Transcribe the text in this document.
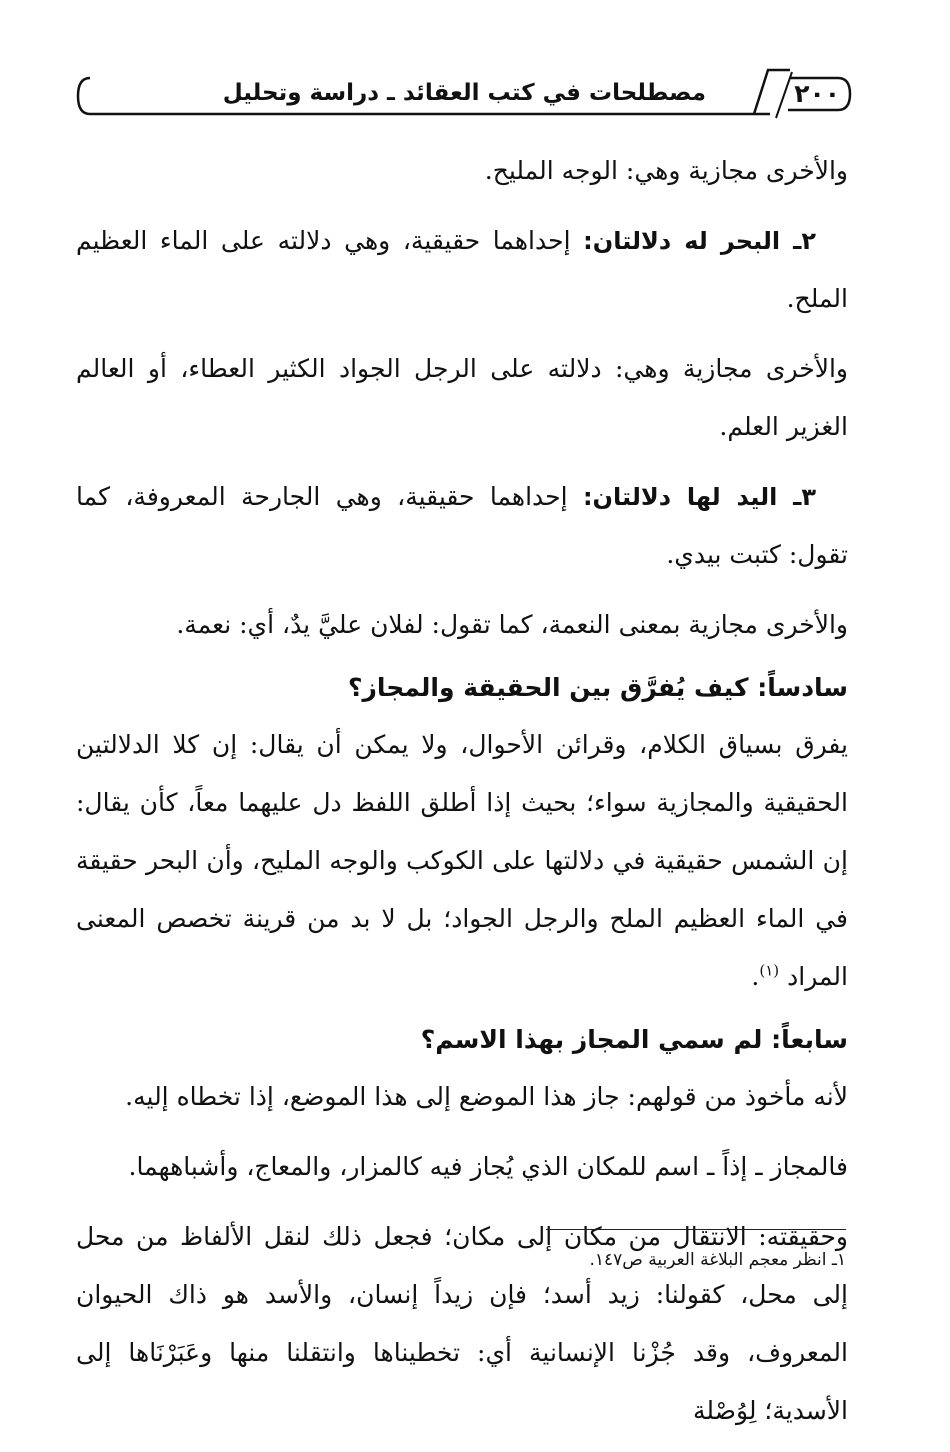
مصطلحات في كتب العقائد ـ دراسة وتحليل	٢٠٠

والأخرى مجازية وهي: الوجه المليح.

٢ـ البحر له دلالتان: إحداهما حقيقية، وهي دلالته على الماء العظيم الملح.

والأخرى مجازية وهي: دلالته على الرجل الجواد الكثير العطاء، أو العالم الغزير العلم.

٣ـ اليد لها دلالتان: إحداهما حقيقية، وهي الجارحة المعروفة، كما تقول: كتبت بيدي.

والأخرى مجازية بمعنى النعمة، كما تقول: لفلان عليَّ يدٌ، أي: نعمة.

سادساً: كيف يُفرَّق بين الحقيقة والمجاز؟

يفرق بسياق الكلام، وقرائن الأحوال، ولا يمكن أن يقال: إن كلا الدلالتين الحقيقية والمجازية سواء؛ بحيث إذا أطلق اللفظ دل عليهما معاً، كأن يقال: إن الشمس حقيقية في دلالتها على الكوكب والوجه المليح، وأن البحر حقيقة في الماء العظيم الملح والرجل الجواد؛ بل لا بد من قرينة تخصص المعنى المراد $^{(١)}$.

سابعاً: لم سمي المجاز بهذا الاسم؟

لأنه مأخوذ من قولهم: جاز هذا الموضع إلى هذا الموضع، إذا تخطاه إليه.

فالمجاز ـ إذاً ـ اسم للمكان الذي يُجاز فيه كالمزار، والمعاج، وأشباههما.

وحقيقته: الانتقال من مكان إلى مكان؛ فجعل ذلك لنقل الألفاظ من محل إلى محل، كقولنا: زيد أسد؛ فإن زيداً إنسان، والأسد هو ذاك الحيوان المعروف، وقد جُزْنا الإنسانية أي: تخطيناها وانتقلنا منها وعَبَرْنَاها إلى الأسدية؛ لِوُصْلة

١ـ انظر معجم البلاغة العربية ص١٤٧.
